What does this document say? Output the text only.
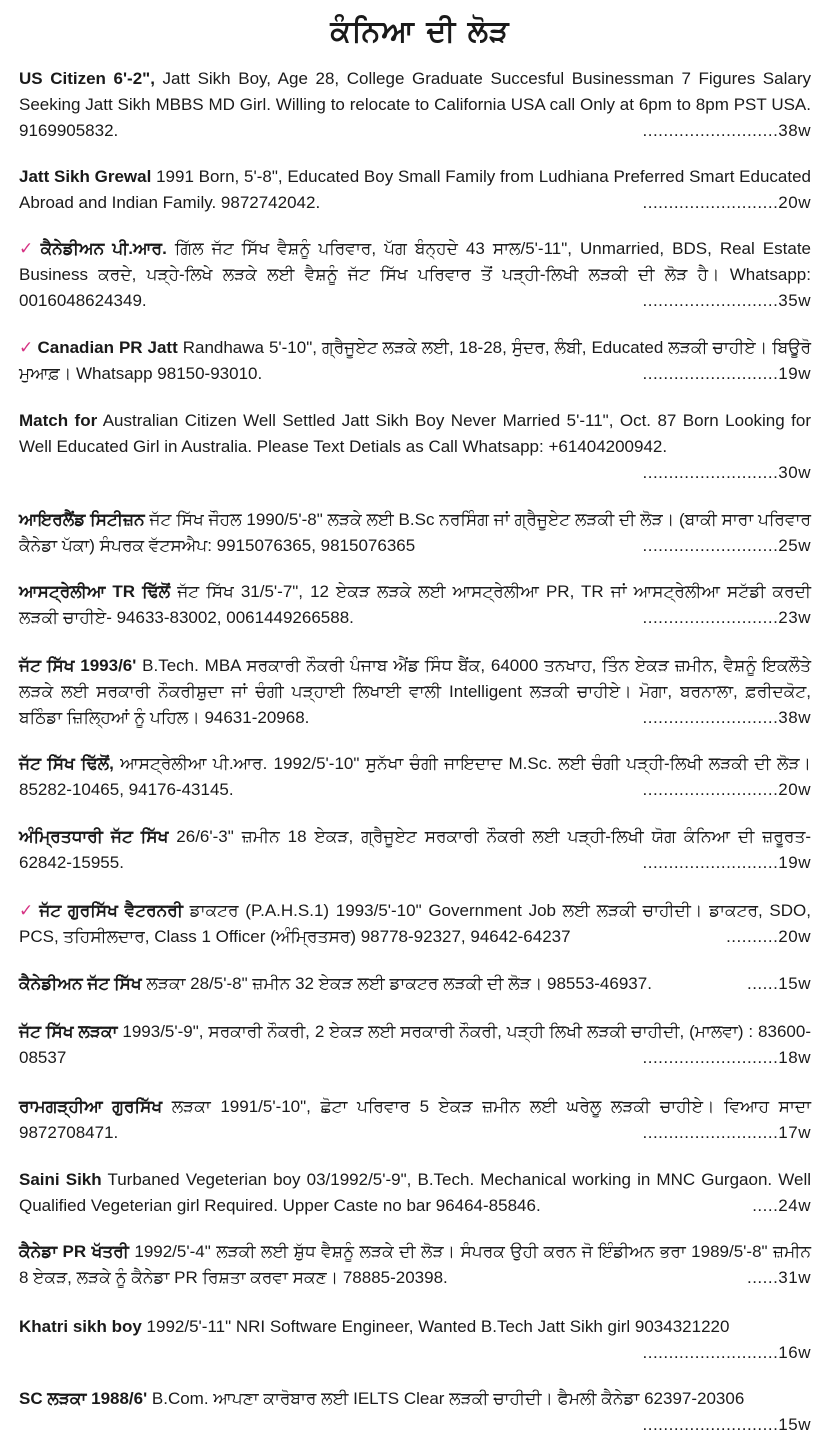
ਕੰਨਿਆ ਦੀ ਲੋੜ
US Citizen 6'-2", Jatt Sikh Boy, Age 28, College Graduate Succesful Businessman 7 Figures Salary Seeking Jatt Sikh MBBS MD Girl. Willing to relocate to California USA call Only at 6pm to 8pm PST USA. 9169905832.	..........................38w
Jatt Sikh Grewal 1991 Born, 5'-8", Educated Boy Small Family from Ludhiana Preferred Smart Educated Abroad and Indian Family. 9872742042.	..........................20w
✓ ਕੈਨੇਡੀਅਨ ਪੀ.ਆਰ. ਗਿੱਲ ਜੱਟ ਸਿੱਖ ਵੈਸ਼ਨੂੰ ਪਰਿਵਾਰ, ਪੱਗ ਬੰਨ੍ਹਦੇ 43 ਸਾਲ/5'-11", Unmarried, BDS, Real Estate Business ਕਰਦੇ, ਪੜ੍ਹੇ-ਲਿਖੇ ਲੜਕੇ ਲਈ ਵੈਸ਼ਨੂੰ ਜੱਟ ਸਿੱਖ ਪਰਿਵਾਰ ਤੋਂ ਪੜ੍ਹੀ-ਲਿਖੀ ਲੜਕੀ ਦੀ ਲੋੜ ਹੈ। Whatsapp: 0016048624349.	..........................35w
✓ Canadian PR Jatt Randhawa 5'-10", ਗ੍ਰੈਜੂਏਟ ਲੜਕੇ ਲਈ, 18-28, ਸੁੰਦਰ, ਲੰਬੀ, Educated ਲੜਕੀ ਚਾਹੀਏ। ਬਿਊਰੋ ਮੁਆਫ਼। Whatsapp 98150-93010.	..........................19w
Match for Australian Citizen Well Settled Jatt Sikh Boy Never Married 5'-11", Oct. 87 Born Looking for Well Educated Girl in Australia. Please Text Detials as Call Whatsapp: +61404200942.
..........................30w
ਆਇਰਲੈਂਡ ਸਿਟੀਜ਼ਨ ਜੱਟ ਸਿੱਖ ਜੌਹਲ 1990/5'-8" ਲੜਕੇ ਲਈ B.Sc ਨਰਸਿੰਗ ਜਾਂ ਗ੍ਰੈਜੂਏਟ ਲੜਕੀ ਦੀ ਲੋੜ। (ਬਾਕੀ ਸਾਰਾ ਪਰਿਵਾਰ ਕੈਨੇਡਾ ਪੱਕਾ) ਸੰਪਰਕ ਵੱਟਸਐਪ: 9915076365, 9815076365	..........................25w
ਆਸਟ੍ਰੇਲੀਆ TR ਢਿੱਲੋਂ ਜੱਟ ਸਿੱਖ 31/5'-7", 12 ਏਕੜ ਲੜਕੇ ਲਈ ਆਸਟ੍ਰੇਲੀਆ PR, TR ਜਾਂ ਆਸਟ੍ਰੇਲੀਆ ਸਟੱਡੀ ਕਰਦੀ ਲੜਕੀ ਚਾਹੀਏ- 94633-83002, 0061449266588.	..........................23w
ਜੱਟ ਸਿੱਖ 1993/6' B.Tech. MBA ਸਰਕਾਰੀ ਨੌਕਰੀ ਪੰਜਾਬ ਐਂਡ ਸਿੰਧ ਬੈਂਕ, 64000 ਤਨਖਾਹ, ਤਿੰਨ ਏਕੜ ਜ਼ਮੀਨ, ਵੈਸ਼ਨੂੰ ਇਕਲੌਤੇ ਲੜਕੇ ਲਈ ਸਰਕਾਰੀ ਨੌਕਰੀਸ਼ੁਦਾ ਜਾਂ ਚੰਗੀ ਪੜ੍ਹਾਈ ਲਿਖਾਈ ਵਾਲੀ Intelligent ਲੜਕੀ ਚਾਹੀਏ। ਮੋਗਾ, ਬਰਨਾਲਾ, ਫ਼ਰੀਦਕੋਟ, ਬਠਿੰਡਾ ਜ਼ਿਲ੍ਹਿਆਂ ਨੂੰ ਪਹਿਲ। 94631-20968.	..........................38w
ਜੱਟ ਸਿੱਖ ਢਿੱਲੋਂ, ਆਸਟ੍ਰੇਲੀਆ ਪੀ.ਆਰ. 1992/5'-10" ਸੁਨੱਖਾ ਚੰਗੀ ਜਾਇਦਾਦ M.Sc. ਲਈ ਚੰਗੀ ਪੜ੍ਹੀ-ਲਿਖੀ ਲੜਕੀ ਦੀ ਲੋੜ। 85282-10465, 94176-43145.	..........................20w
ਅੰਮ੍ਰਿਤਧਾਰੀ ਜੱਟ ਸਿੱਖ 26/6'-3" ਜ਼ਮੀਨ 18 ਏਕੜ, ਗ੍ਰੈਜੂਏਟ ਸਰਕਾਰੀ ਨੌਕਰੀ ਲਈ ਪੜ੍ਹੀ-ਲਿਖੀ ਯੋਗ ਕੰਨਿਆ ਦੀ ਜ਼ਰੂਰਤ- 62842-15955.	..........................19w
✓ ਜੱਟ ਗੁਰਸਿੱਖ ਵੈਟਰਨਰੀ ਡਾਕਟਰ (P.A.H.S.1) 1993/5'-10" Government Job ਲਈ ਲੜਕੀ ਚਾਹੀਦੀ। ਡਾਕਟਰ, SDO, PCS, ਤਹਿਸੀਲਦਾਰ, Class 1 Officer (ਅੰਮ੍ਰਿਤਸਰ) 98778-92327, 94642-64237	..........20w
ਕੈਨੇਡੀਅਨ ਜੱਟ ਸਿੱਖ ਲੜਕਾ 28/5'-8" ਜ਼ਮੀਨ 32 ਏਕੜ ਲਈ ਡਾਕਟਰ ਲੜਕੀ ਦੀ ਲੋੜ। 98553-46937.	......15w
ਜੱਟ ਸਿੱਖ ਲੜਕਾ 1993/5'-9", ਸਰਕਾਰੀ ਨੌਕਰੀ, 2 ਏਕੜ ਲਈ ਸਰਕਾਰੀ ਨੌਕਰੀ, ਪੜ੍ਹੀ ਲਿਖੀ ਲੜਕੀ ਚਾਹੀਦੀ, (ਮਾਲਵਾ) : 83600-08537	..........................18w
ਰਾਮਗੜ੍ਹੀਆ ਗੁਰਸਿੱਖ ਲੜਕਾ 1991/5'-10", ਛੋਟਾ ਪਰਿਵਾਰ 5 ਏਕੜ ਜ਼ਮੀਨ ਲਈ ਘਰੇਲੂ ਲੜਕੀ ਚਾਹੀਏ। ਵਿਆਹ ਸਾਦਾ 9872708471.	..........................17w
Saini Sikh Turbaned Vegeterian boy 03/1992/5'-9", B.Tech. Mechanical working in MNC Gurgaon. Well Qualified Vegeterian girl Required. Upper Caste no bar 96464-85846.	.....24w
ਕੈਨੇਡਾ PR ਖੱਤਰੀ 1992/5'-4" ਲੜਕੀ ਲਈ ਸ਼ੁੱਧ ਵੈਸ਼ਨੂੰ ਲੜਕੇ ਦੀ ਲੋੜ। ਸੰਪਰਕ ਉਹੀ ਕਰਨ ਜੋ ਇੰਡੀਅਨ ਭਰਾ 1989/5'-8" ਜ਼ਮੀਨ 8 ਏਕੜ, ਲੜਕੇ ਨੂੰ ਕੈਨੇਡਾ PR ਰਿਸ਼ਤਾ ਕਰਵਾ ਸਕਣ। 78885-20398.	......31w
Khatri sikh boy 1992/5'-11" NRI Software Engineer, Wanted B.Tech Jatt Sikh girl 9034321220
..........................16w
SC ਲੜਕਾ 1988/6' B.Com. ਆਪਣਾ ਕਾਰੋਬਾਰ ਲਈ IELTS Clear ਲੜਕੀ ਚਾਹੀਦੀ। ਫੈਮਲੀ ਕੈਨੇਡਾ 62397-20306
..........................15w
